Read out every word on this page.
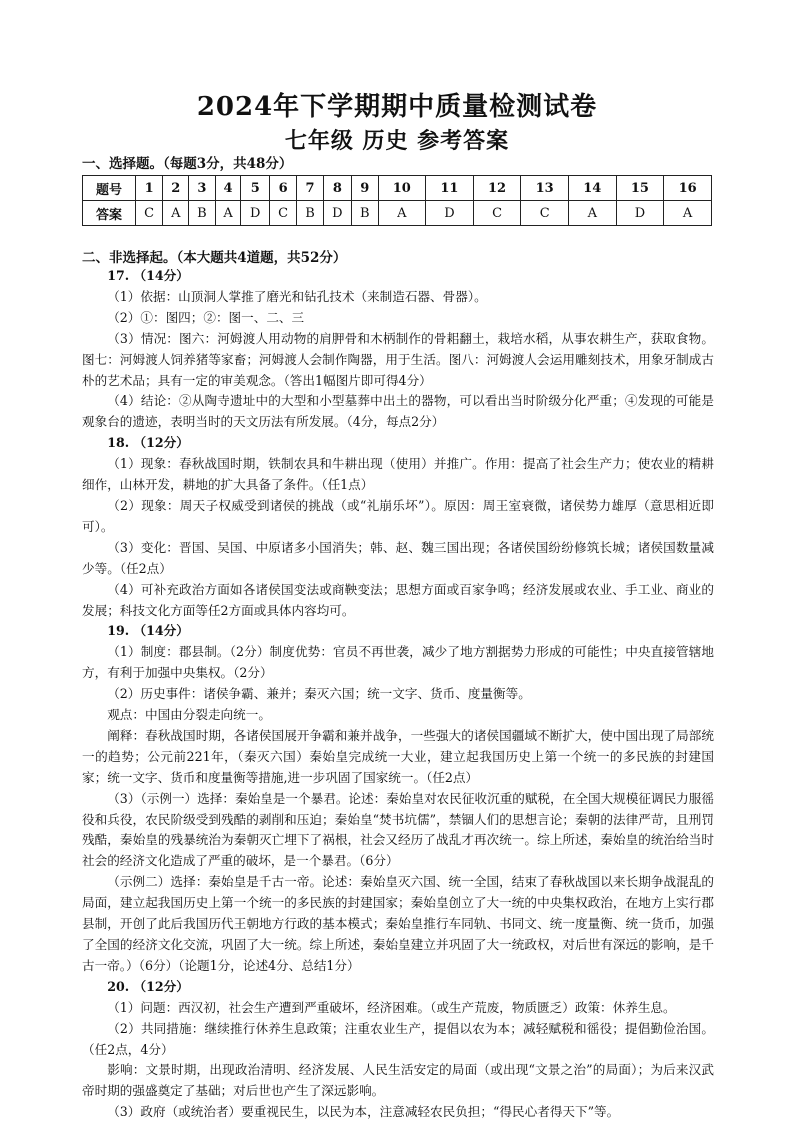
2024年下学期期中质量检测试卷
七年级 历史 参考答案
一、选择题。（每题3分，共48分）
题号	1	2	3	4	5	6	7	8	9	10	11	12	13	14	15	16
答案	C	A	B	A	D	C	B	D	B	A	D	C	C	A	D	A
二、非选择起。（本大题共4道题，共52分）

17. （14分）

（1）依据：山顶洞人掌推了磨光和钻孔技术（来制造石器、骨器）。

（2）①：图四；②：图一、二、三

（3）情况：图六：河姆渡人用动物的肩胛骨和木柄制作的骨耜翻土，栽培水稻，从事农耕生产，获取食物。图七：河姆渡人饲养猪等家畜；河姆渡人会制作陶器，用于生活。图八：河姆渡人会运用雕刻技术，用象牙制成古朴的艺术品；具有一定的审美观念。（答出1幅图片即可得4分）

（4）结论：②从陶寺遗址中的大型和小型墓葬中出土的器物，可以看出当时阶级分化严重；④发现的可能是观象台的遗迹，表明当时的天文历法有所发展。（4分，每点2分）

18. （12分）

（1）现象：春秋战国时期，铁制农具和牛耕出现（使用）并推广。作用：提高了社会生产力；使农业的精耕细作，山林开发，耕地的扩大具备了条件。（任1点）

（2）现象：周天子权威受到诸侯的挑战（或“礼崩乐坏”）。原因：周王室衰微，诸侯势力雄厚（意思相近即可）。

（3）变化：晋国、吴国、中原诸多小国消失；韩、赵、魏三国出现；各诸侯国纷纷修筑长城；诸侯国数量减少等。（任2点）

（4）可补充政治方面如各诸侯国变法或商鞅变法；思想方面或百家争鸣；经济发展或农业、手工业、商业的发展；科技文化方面等任2方面或具体内容均可。

19. （14分）

（1）制度：郡县制。（2分）制度优势：官员不再世袭，减少了地方割据势力形成的可能性；中央直接管辖地方，有利于加强中央集权。（2分）

（2）历史事件：诸侯争霸、兼并；秦灭六国；统一文字、货币、度量衡等。

观点：中国由分裂走向统一。

阐释：春秋战国时期，各诸侯国展开争霸和兼并战争，一些强大的诸侯国疆域不断扩大，使中国出现了局部统一的趋势；公元前221年，（秦灭六国）秦始皇完成统一大业，建立起我国历史上第一个统一的多民族的封建国家；统一文字、货币和度量衡等措施,进一步巩固了国家统一。（任2点）

（3）（示例一）选择：秦始皇是一个暴君。论述：秦始皇对农民征收沉重的赋税，在全国大规模征调民力服徭役和兵役，农民阶级受到残酷的剥削和压迫；秦始皇“焚书坑儒”，禁锢人们的思想言论；秦朝的法律严苛，且刑罚残酷，秦始皇的残暴统治为秦朝灭亡埋下了祸根，社会又经历了战乱才再次统一。综上所述，秦始皇的统治给当时社会的经济文化造成了严重的破坏，是一个暴君。（6分）

（示例二）选择：秦始皇是千古一帝。论述：秦始皇灭六国、统一全国，结束了春秋战国以来长期争战混乱的局面，建立起我国历史上第一个统一的多民族的封建国家；秦始皇创立了大一统的中央集权政治，在地方上实行郡县制，开创了此后我国历代王朝地方行政的基本模式；秦始皇推行车同轨、书同文、统一度量衡、统一货币，加强了全国的经济文化交流，巩固了大一统。综上所述，秦始皇建立并巩固了大一统政权，对后世有深远的影响，是千古一帝。）（6分）（论题1分，论述4分、总结1分）

20. （12分）

（1）问题：西汉初，社会生产遭到严重破坏，经济困难。（或生产荒废，物质匮乏）政策：休养生息。

（2）共同措施：继续推行休养生息政策；注重农业生产，提倡以农为本；减轻赋税和徭役；提倡勤俭治国。（任2点，4分）

影响：文景时期，出现政治清明、经济发展、人民生活安定的局面（或出现“文景之治”的局面）；为后来汉武帝时期的强盛奠定了基础；对后世也产生了深远影响。

（3）政府（或统治者）要重视民生，以民为本，注意减轻农民负担；“得民心者得天下”等。
